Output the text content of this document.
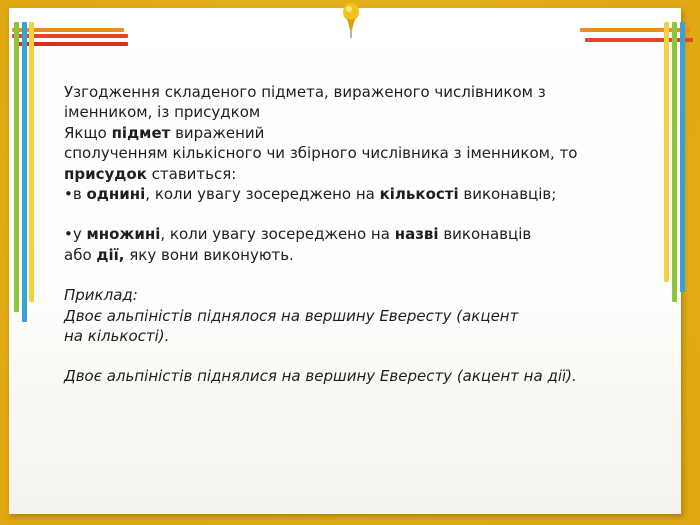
Узгодження складеного підмета, вираженого числівником з іменником, із присудком

Якщо підмет виражений

сполученням кількісного чи збірного числівника з іменником, то присудок ставиться:

•в однині, коли увагу зосереджено на кількості виконавців;

•у множині, коли увагу зосереджено на назві виконавців

або дії, яку вони виконують.

Приклад:

Двоє альпіністів піднялося на вершину Евересту (акцент

на кількості).

Двоє альпіністів піднялися на вершину Евересту (акцент на дії).
